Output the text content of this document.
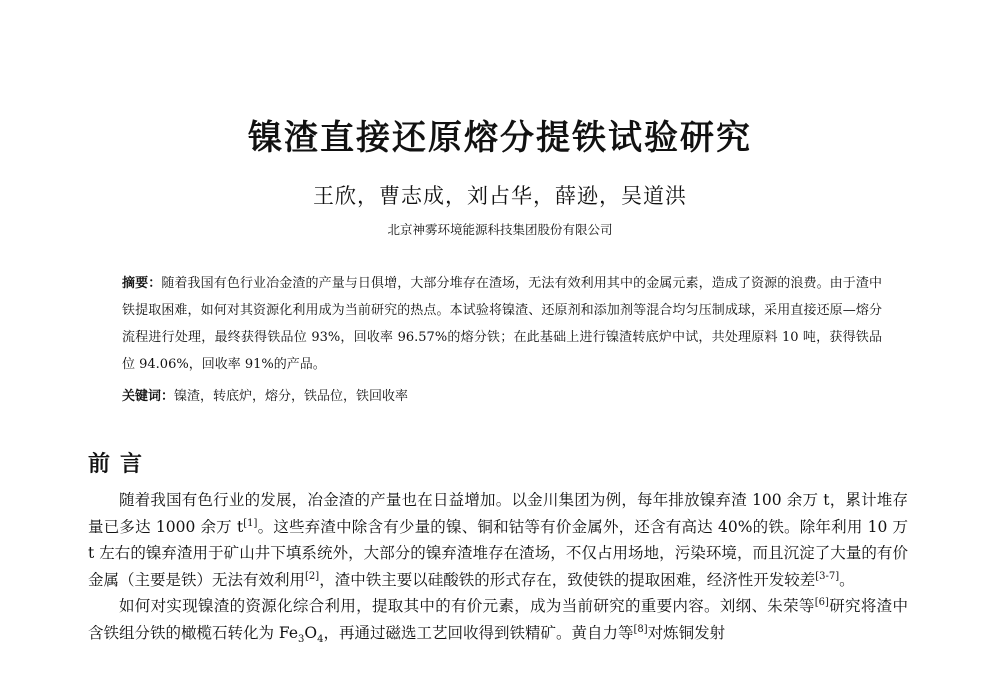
镍渣直接还原熔分提铁试验研究
王欣，曹志成，刘占华，薛逊，吴道洪
北京神雾环境能源科技集团股份有限公司
摘要：随着我国有色行业冶金渣的产量与日俱增，大部分堆存在渣场，无法有效利用其中的金属元素，造成了资源的浪费。由于渣中铁提取困难，如何对其资源化利用成为当前研究的热点。本试验将镍渣、还原剂和添加剂等混合均匀压制成球，采用直接还原—熔分流程进行处理，最终获得铁品位 93%，回收率 96.57%的熔分铁；在此基础上进行镍渣转底炉中试，共处理原料 10 吨，获得铁品位 94.06%，回收率 91%的产品。
关键词：镍渣，转底炉，熔分，铁品位，铁回收率
前言

随着我国有色行业的发展，冶金渣的产量也在日益增加。以金川集团为例，每年排放镍弃渣 100 余万 t，累计堆存量已多达 1000 余万 t[1]。这些弃渣中除含有少量的镍、铜和钴等有价金属外，还含有高达 40%的铁。除年利用 10 万 t 左右的镍弃渣用于矿山井下填系统外，大部分的镍弃渣堆存在渣场，不仅占用场地，污染环境，而且沉淀了大量的有价金属（主要是铁）无法有效利用[2]，渣中铁主要以硅酸铁的形式存在，致使铁的提取困难，经济性开发较差[3-7]。

如何对实现镍渣的资源化综合利用，提取其中的有价元素，成为当前研究的重要内容。刘纲、朱荣等[6]研究将渣中含铁组分铁的橄榄石转化为 $Fe_3O_4$，再通过磁选工艺回收得到铁精矿。黄自力等[8]对炼铜发射
